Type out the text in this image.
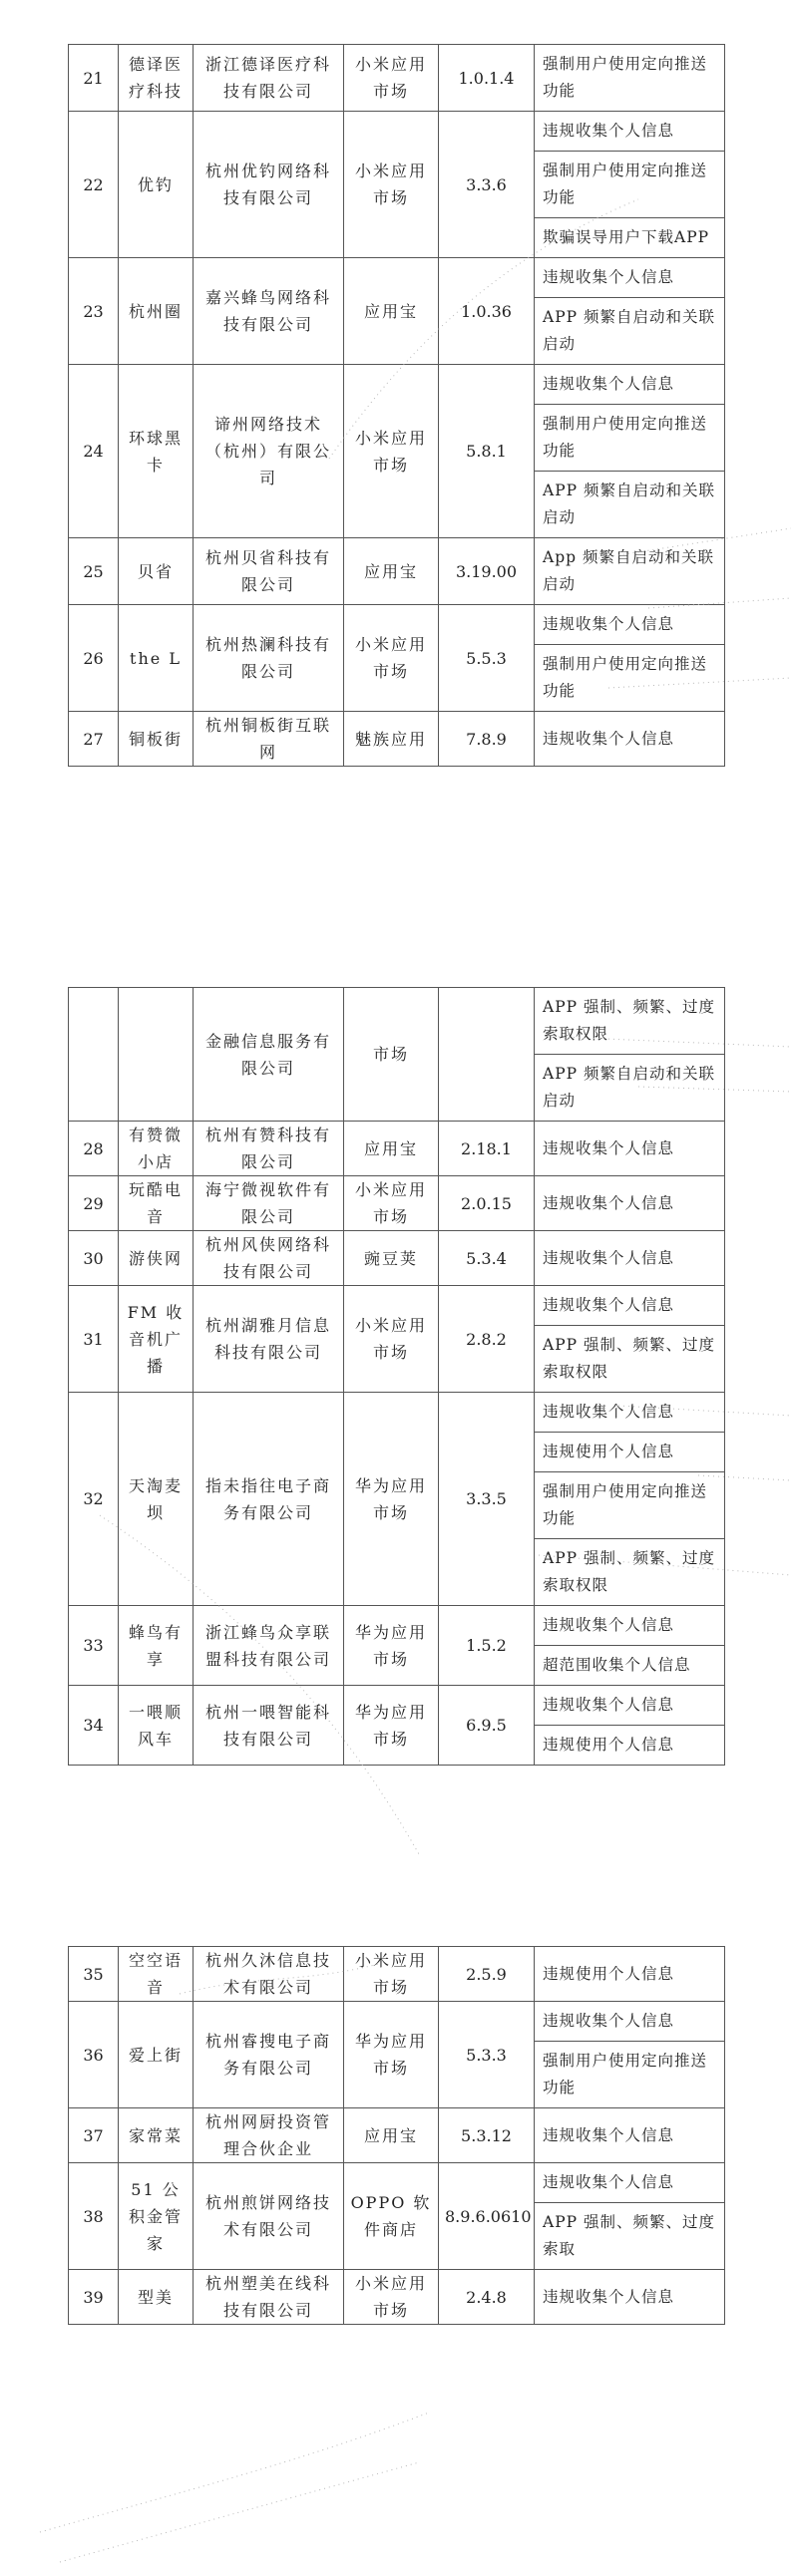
21	德译医疗科技	浙江德译医疗科技有限公司	小米应用市场	1.0.1.4	强制用户使用定向推送功能
22	优钓	杭州优钓网络科技有限公司	小米应用市场	3.3.6	违规收集个人信息
					强制用户使用定向推送功能
					欺骗误导用户下载APP
23	杭州圈	嘉兴蜂鸟网络科技有限公司	应用宝	1.0.36	违规收集个人信息
					APP 频繁自启动和关联启动
24	环球黑卡	谛州网络技术（杭州）有限公司	小米应用市场	5.8.1	违规收集个人信息
					强制用户使用定向推送功能
					APP 频繁自启动和关联启动
25	贝省	杭州贝省科技有限公司	应用宝	3.19.00	App 频繁自启动和关联启动
26	the L	杭州热澜科技有限公司	小米应用市场	5.5.3	违规收集个人信息
					强制用户使用定向推送功能
27	铜板街	杭州铜板街互联网	魅族应用	7.8.9	违规收集个人信息
		金融信息服务有限公司	市场		APP 强制、频繁、过度索取权限
					APP 频繁自启动和关联启动
28	有赞微小店	杭州有赞科技有限公司	应用宝	2.18.1	违规收集个人信息
29	玩酷电音	海宁微视软件有限公司	小米应用市场	2.0.15	违规收集个人信息
30	游侠网	杭州风侠网络科技有限公司	豌豆荚	5.3.4	违规收集个人信息
31	FM 收音机广播	杭州湖雅月信息科技有限公司	小米应用市场	2.8.2	违规收集个人信息
					APP 强制、频繁、过度索取权限
32	天淘麦坝	指未指往电子商务有限公司	华为应用市场	3.3.5	违规收集个人信息
					违规使用个人信息
					强制用户使用定向推送功能
					APP 强制、频繁、过度索取权限
33	蜂鸟有享	浙江蜂鸟众享联盟科技有限公司	华为应用市场	1.5.2	违规收集个人信息
					超范围收集个人信息
34	一喂顺风车	杭州一喂智能科技有限公司	华为应用市场	6.9.5	违规收集个人信息
					违规使用个人信息
35	空空语音	杭州久沐信息技术有限公司	小米应用市场	2.5.9	违规使用个人信息
36	爱上街	杭州睿搜电子商务有限公司	华为应用市场	5.3.3	违规收集个人信息
					强制用户使用定向推送功能
37	家常菜	杭州网厨投资管理合伙企业	应用宝	5.3.12	违规收集个人信息
38	51 公积金管家	杭州煎饼网络技术有限公司	OPPO 软件商店	8.9.6.0610	违规收集个人信息
					APP 强制、频繁、过度索取
39	型美	杭州塑美在线科技有限公司	小米应用市场	2.4.8	违规收集个人信息
